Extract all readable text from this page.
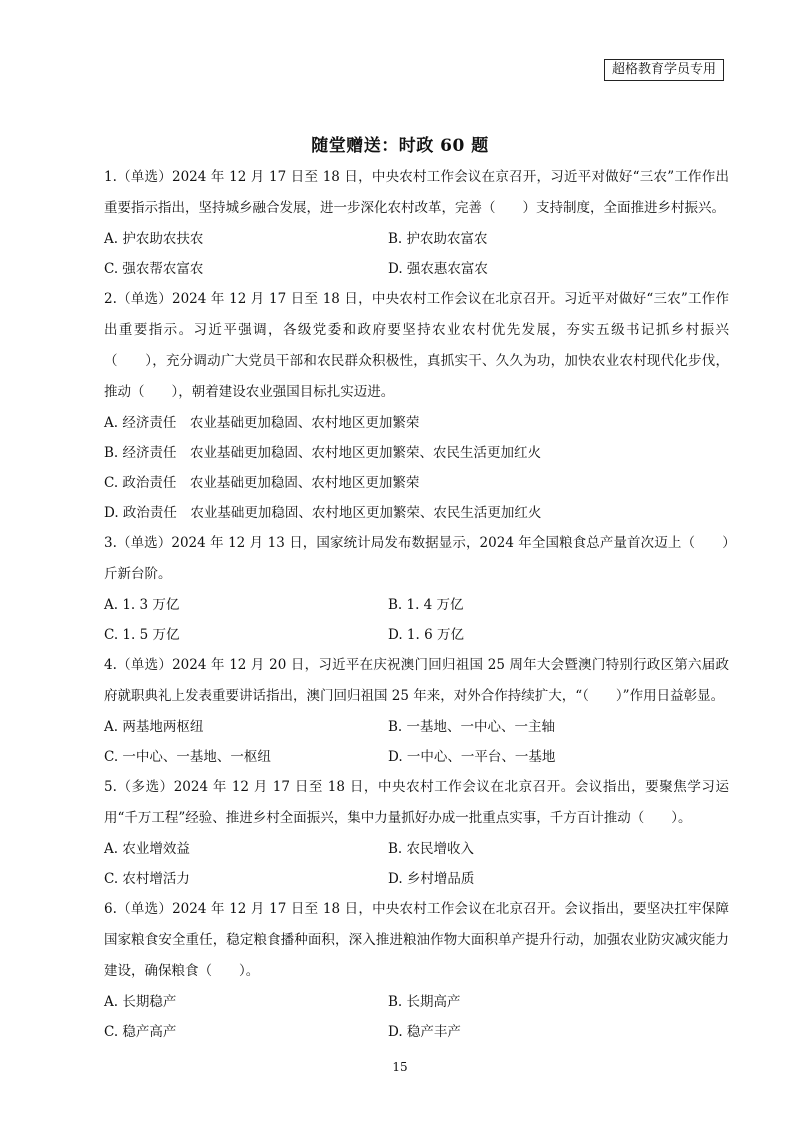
超格教育学员专用
随堂赠送：时政 60 题
1.（单选）2024 年 12 月 17 日至 18 日，中央农村工作会议在京召开，习近平对做好“三农”工作作出重要指示指出，坚持城乡融合发展，进一步深化农村改革，完善（　　）支持制度，全面推进乡村振兴。
A. 护农助农扶农	B. 护农助农富农
C. 强农帮农富农	D. 强农惠农富农
2.（单选）2024 年 12 月 17 日至 18 日，中央农村工作会议在北京召开。习近平对做好“三农”工作作出重要指示。习近平强调，各级党委和政府要坚持农业农村优先发展，夯实五级书记抓乡村振兴（　　），充分调动广大党员干部和农民群众积极性，真抓实干、久久为功，加快农业农村现代化步伐，推动（　　），朝着建设农业强国目标扎实迈进。
A. 经济责任　农业基础更加稳固、农村地区更加繁荣
B. 经济责任　农业基础更加稳固、农村地区更加繁荣、农民生活更加红火
C. 政治责任　农业基础更加稳固、农村地区更加繁荣
D. 政治责任　农业基础更加稳固、农村地区更加繁荣、农民生活更加红火
3.（单选）2024 年 12 月 13 日，国家统计局发布数据显示，2024 年全国粮食总产量首次迈上（　　）斤新台阶。
A. 1. 3 万亿	B. 1. 4 万亿
C. 1. 5 万亿	D. 1. 6 万亿
4.（单选）2024 年 12 月 20 日，习近平在庆祝澳门回归祖国 25 周年大会暨澳门特别行政区第六届政府就职典礼上发表重要讲话指出，澳门回归祖国 25 年来，对外合作持续扩大，“（　　）”作用日益彰显。
A. 两基地两枢纽	B. 一基地、一中心、一主轴
C. 一中心、一基地、一枢纽	D. 一中心、一平台、一基地
5.（多选）2024 年 12 月 17 日至 18 日，中央农村工作会议在北京召开。会议指出，要聚焦学习运用“千万工程”经验、推进乡村全面振兴，集中力量抓好办成一批重点实事，千方百计推动（　　）。
A. 农业增效益	B. 农民增收入
C. 农村增活力	D. 乡村增品质
6.（单选）2024 年 12 月 17 日至 18 日，中央农村工作会议在北京召开。会议指出，要坚决扛牢保障国家粮食安全重任，稳定粮食播种面积，深入推进粮油作物大面积单产提升行动，加强农业防灾减灾能力建设，确保粮食（　　）。
A. 长期稳产	B. 长期高产
C. 稳产高产	D. 稳产丰产
15
